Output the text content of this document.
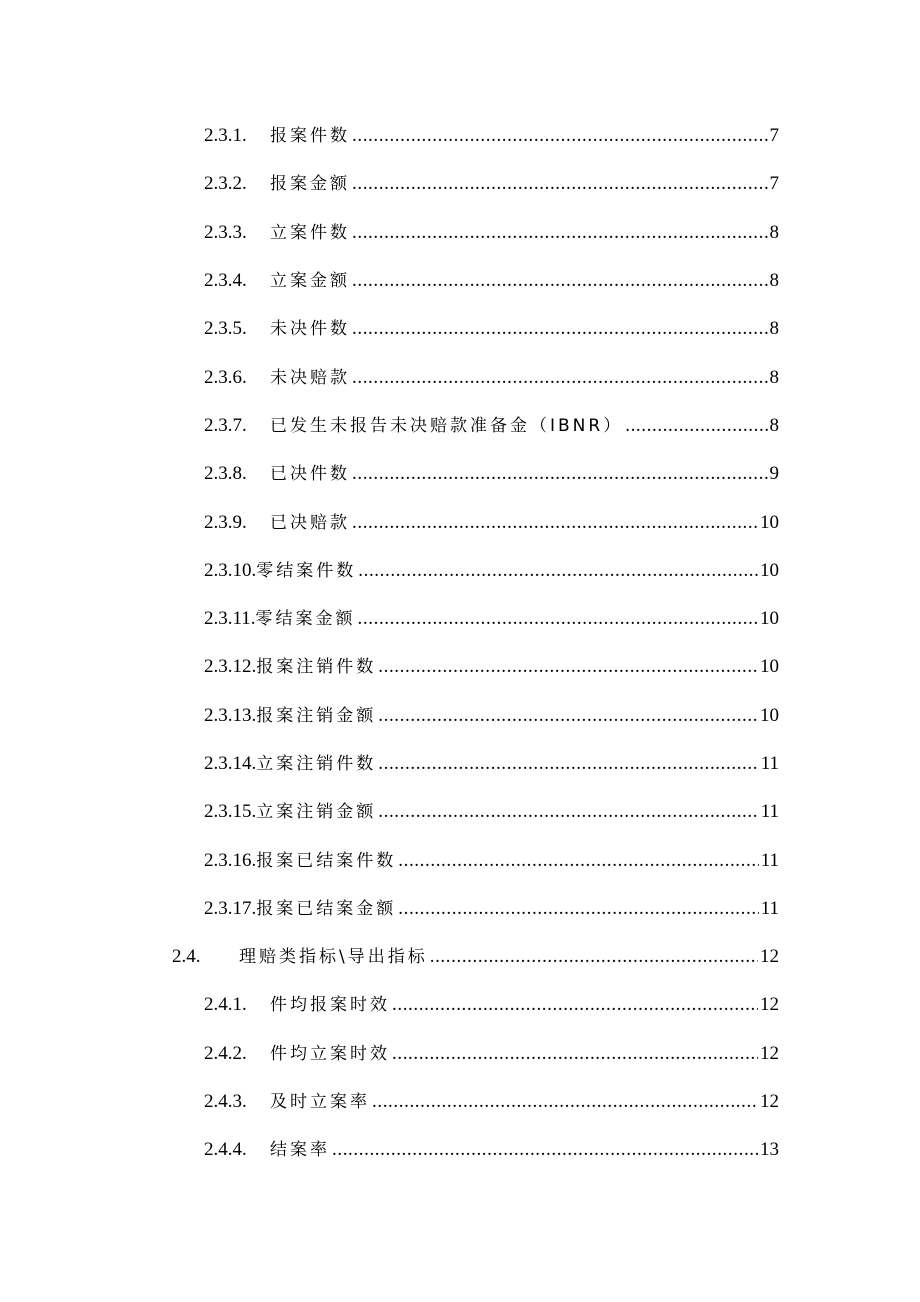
2.3.1.	报案件数 .....	7
2.3.2.	报案金额 .....	7
2.3.3.	立案件数 .....	8
2.3.4.	立案金额 .....	8
2.3.5.	未决件数 .....	8
2.3.6.	未决赔款 .....	8
2.3.7.	已发生未报告未决赔款准备金（IBNR） .....	8
2.3.8.	已决件数 .....	9
2.3.9.	已决赔款 .....	10
2.3.10. 零结案件数 .....	10
2.3.11. 零结案金额 .....	10
2.3.12. 报案注销件数 .....	10
2.3.13. 报案注销金额 .....	10
2.3.14. 立案注销件数 .....	11
2.3.15. 立案注销金额 .....	11
2.3.16. 报案已结案件数 .....	11
2.3.17. 报案已结案金额 .....	11
2.4.	理赔类指标\导出指标 .....	12
2.4.1.	件均报案时效 .....	12
2.4.2.	件均立案时效 .....	12
2.4.3.	及时立案率 .....	12
2.4.4.	结案率 .....	13
